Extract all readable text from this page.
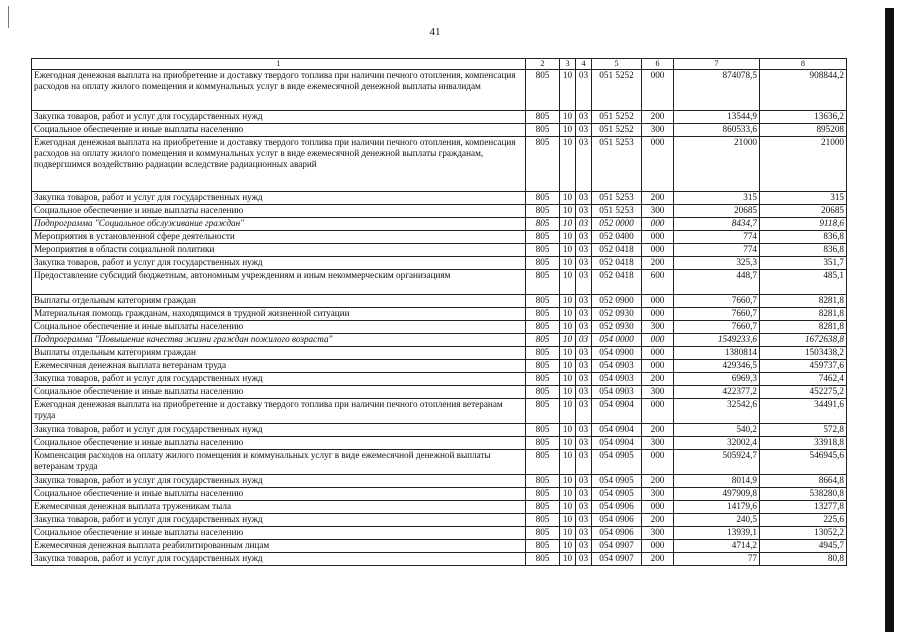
41
1	2	3	4	5	6	7	8
Ежегодная денежная выплата на приобретение и доставку твердого топлива при наличии печного отопления, компенсация расходов на оплату жилого помещения и коммунальных услуг в виде ежемесячной денежной выплаты инвалидам	805	10	03	051 5252	000	874078,5	908844,2
Закупка товаров, работ и услуг для государственных нужд	805	10	03	051 5252	200	13544,9	13636,2
Социальное обеспечение и иные выплаты населению	805	10	03	051 5252	300	860533,6	895208
Ежегодная денежная выплата на приобретение и доставку твердого топлива при наличии печного отопления, компенсация расходов на оплату жилого помещения и коммунальных услуг в виде ежемесячной денежной выплаты гражданам, подвергшимся воздействию радиации вследствие радиационных аварий	805	10	03	051 5253	000	21000	21000
Закупка товаров, работ и услуг для государственных нужд	805	10	03	051 5253	200	315	315
Социальное обеспечение и иные выплаты населению	805	10	03	051 5253	300	20685	20685
Подпрограмма "Социальное обслуживание граждан"	805	10	03	052 0000	000	8434,7	9118,6
Мероприятия в установленной сфере деятельности	805	10	03	052 0400	000	774	836,8
Мероприятия в области социальной политики	805	10	03	052 0418	000	774	836,8
Закупка товаров, работ и услуг для государственных нужд	805	10	03	052 0418	200	325,3	351,7
Предоставление субсидий бюджетным, автономным учреждениям и иным некоммерческим организациям	805	10	03	052 0418	600	448,7	485,1
Выплаты отдельным категориям граждан	805	10	03	052 0900	000	7660,7	8281,8
Материальная помощь гражданам, находящимся в трудной жизненной ситуации	805	10	03	052 0930	000	7660,7	8281,8
Социальное обеспечение и иные выплаты населению	805	10	03	052 0930	300	7660,7	8281,8
Подпрограмма "Повышение качества жизни граждан пожилого возраста"	805	10	03	054 0000	000	1549233,6	1672638,8
Выплаты отдельным категориям граждан	805	10	03	054 0900	000	1380814	1503438,2
Ежемесячная денежная выплата ветеранам труда	805	10	03	054 0903	000	429346,5	459737,6
Закупка товаров, работ и услуг для государственных нужд	805	10	03	054 0903	200	6969,3	7462,4
Социальное обеспечение и иные выплаты населению	805	10	03	054 0903	300	422377,2	452275,2
Ежегодная денежная выплата на приобретение и доставку твердого топлива при наличии печного отопления ветеранам труда	805	10	03	054 0904	000	32542,6	34491,6
Закупка товаров, работ и услуг для государственных нужд	805	10	03	054 0904	200	540,2	572,8
Социальное обеспечение и иные выплаты населению	805	10	03	054 0904	300	32002,4	33918,8
Компенсация расходов на оплату жилого помещения и коммунальных услуг в виде ежемесячной денежной выплаты ветеранам труда	805	10	03	054 0905	000	505924,7	546945,6
Закупка товаров, работ и услуг для государственных нужд	805	10	03	054 0905	200	8014,9	8664,8
Социальное обеспечение и иные выплаты населению	805	10	03	054 0905	300	497909,8	538280,8
Ежемесячная денежная выплата труженикам тыла	805	10	03	054 0906	000	14179,6	13277,8
Закупка товаров, работ и услуг для государственных нужд	805	10	03	054 0906	200	240,5	225,6
Социальное обеспечение и иные выплаты населению	805	10	03	054 0906	300	13939,1	13052,2
Ежемесячная денежная выплата реабилитированным лицам	805	10	03	054 0907	000	4714,2	4945,7
Закупка товаров, работ и услуг для государственных нужд	805	10	03	054 0907	200	77	80,8
